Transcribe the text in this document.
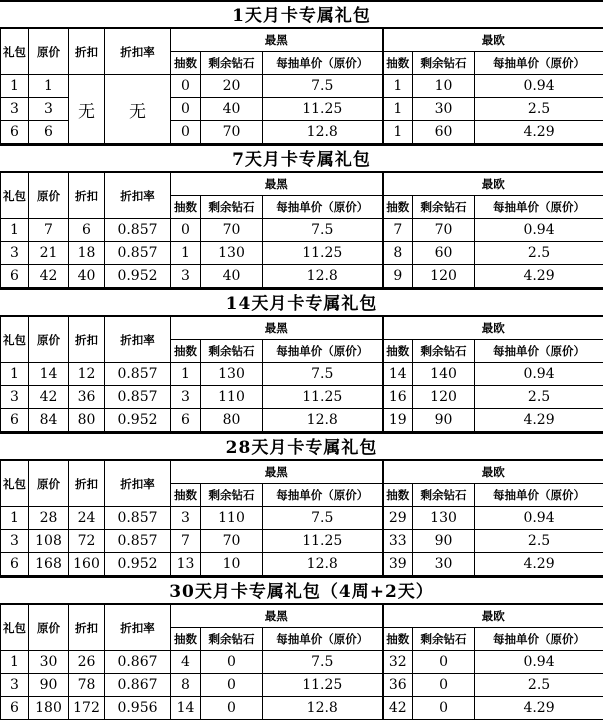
1天月卡专属礼包
礼包	原价	折扣	折扣率	最黑			最欧		
				抽数	剩余钻石	每抽单价（原价）	抽数	剩余钻石	每抽单价（原价）
1	1	无	无	0	20	7.5	1	10	0.94
3	3			0	40	11.25	1	30	2.5
6	6			0	70	12.8	1	60	4.29
7天月卡专属礼包
礼包	原价	折扣	折扣率	最黑			最欧		
				抽数	剩余钻石	每抽单价（原价）	抽数	剩余钻石	每抽单价（原价）
1	7	6	0.857	0	70	7.5	7	70	0.94
3	21	18	0.857	1	130	11.25	8	60	2.5
6	42	40	0.952	3	40	12.8	9	120	4.29
14天月卡专属礼包
礼包	原价	折扣	折扣率	最黑			最欧		
				抽数	剩余钻石	每抽单价（原价）	抽数	剩余钻石	每抽单价（原价）
1	14	12	0.857	1	130	7.5	14	140	0.94
3	42	36	0.857	3	110	11.25	16	120	2.5
6	84	80	0.952	6	80	12.8	19	90	4.29
28天月卡专属礼包
礼包	原价	折扣	折扣率	最黑			最欧		
				抽数	剩余钻石	每抽单价（原价）	抽数	剩余钻石	每抽单价（原价）
1	28	24	0.857	3	110	7.5	29	130	0.94
3	108	72	0.857	7	70	11.25	33	90	2.5
6	168	160	0.952	13	10	12.8	39	30	4.29
30天月卡专属礼包（4周+2天）
礼包	原价	折扣	折扣率	最黑			最欧		
				抽数	剩余钻石	每抽单价（原价）	抽数	剩余钻石	每抽单价（原价）
1	30	26	0.867	4	0	7.5	32	0	0.94
3	90	78	0.867	8	0	11.25	36	0	2.5
6	180	172	0.956	14	0	12.8	42	0	4.29
